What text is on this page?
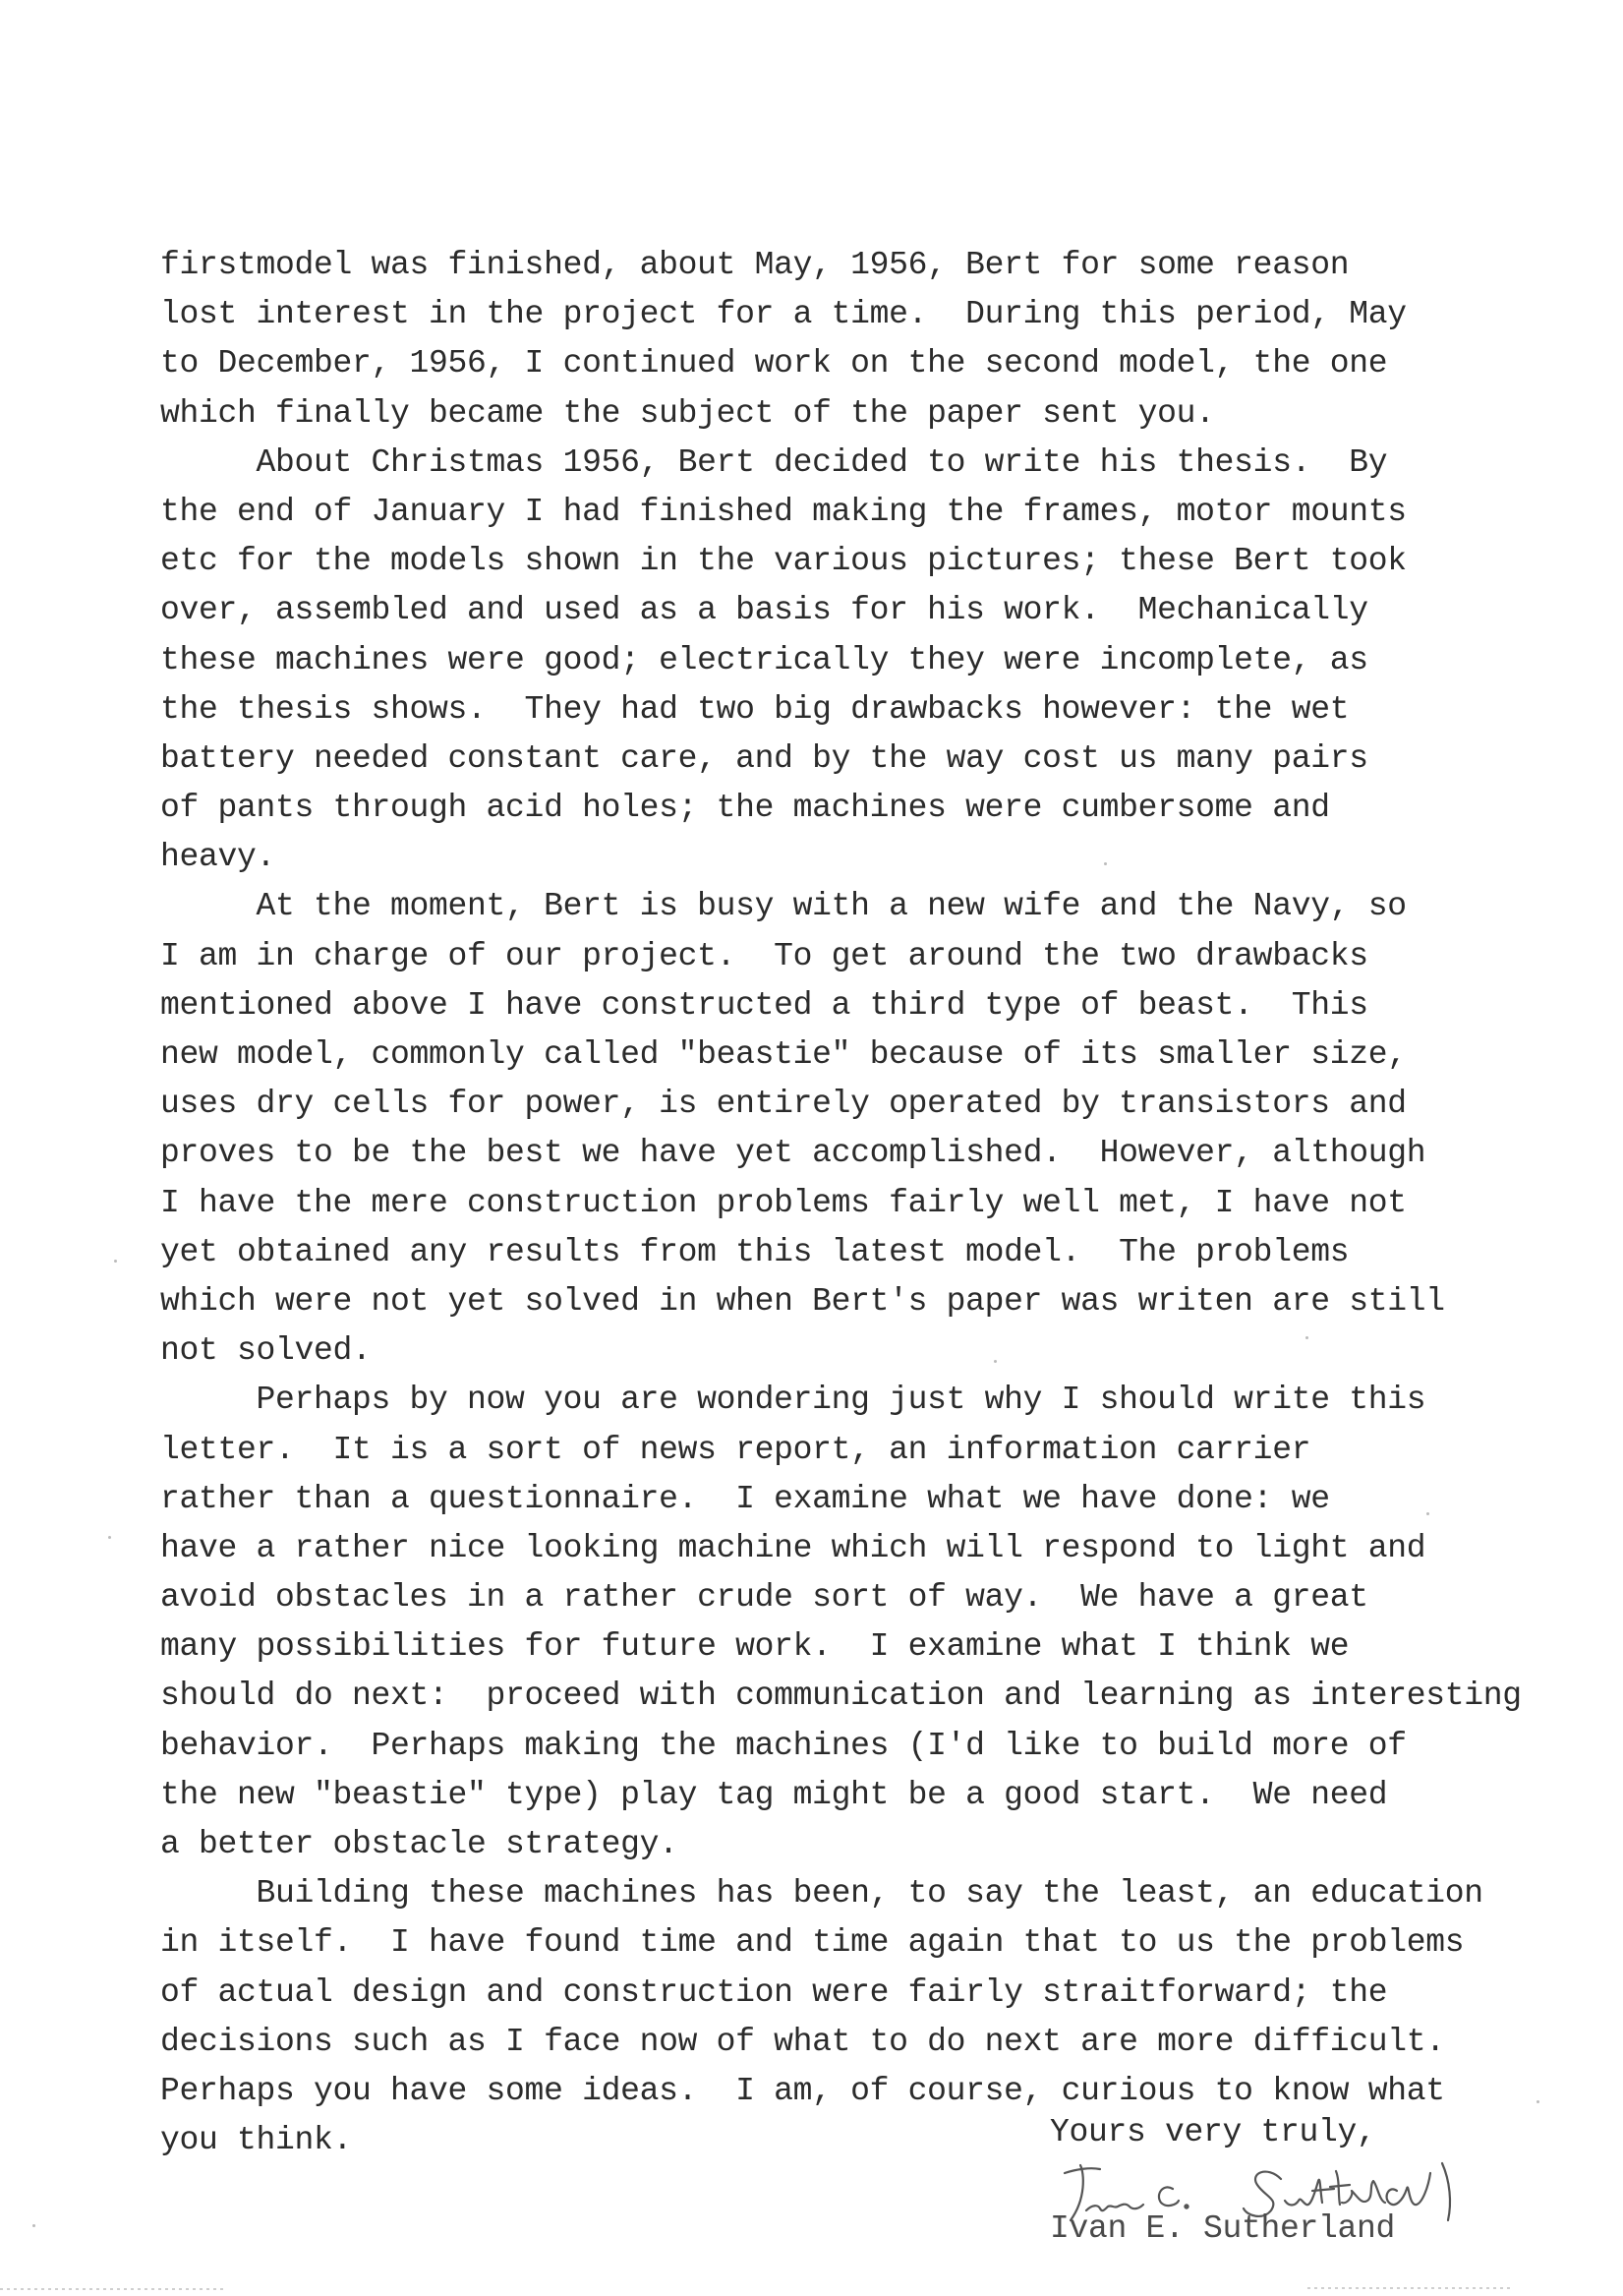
firstmodel was finished, about May, 1956, Bert for some reason
lost interest in the project for a time.  During this period, May
to December, 1956, I continued work on the second model, the one
which finally became the subject of the paper sent you.
About Christmas 1956, Bert decided to write his thesis.  By
the end of January I had finished making the frames, motor mounts
etc for the models shown in the various pictures; these Bert took
over, assembled and used as a basis for his work.  Mechanically
these machines were good; electrically they were incomplete, as
the thesis shows.  They had two big drawbacks however: the wet
battery needed constant care, and by the way cost us many pairs
of pants through acid holes; the machines were cumbersome and
heavy.
At the moment, Bert is busy with a new wife and the Navy, so
I am in charge of our project.  To get around the two drawbacks
mentioned above I have constructed a third type of beast.  This
new model, commonly called "beastie" because of its smaller size,
uses dry cells for power, is entirely operated by transistors and
proves to be the best we have yet accomplished.  However, although
I have the mere construction problems fairly well met, I have not
yet obtained any results from this latest model.  The problems
which were not yet solved in when Bert's paper was writen are still
not solved.
Perhaps by now you are wondering just why I should write this
letter.  It is a sort of news report, an information carrier
rather than a questionnaire.  I examine what we have done: we
have a rather nice looking machine which will respond to light and
avoid obstacles in a rather crude sort of way.  We have a great
many possibilities for future work.  I examine what I think we
should do next:  proceed with communication and learning as interesting
behavior.  Perhaps making the machines (I'd like to build more of
the new "beastie" type) play tag might be a good start.  We need
a better obstacle strategy.
Building these machines has been, to say the least, an education
in itself.  I have found time and time again that to us the problems
of actual design and construction were fairly straitforward; the
decisions such as I face now of what to do next are more difficult.
Perhaps you have some ideas.  I am, of course, curious to know what
you think.	Yours very truly,
Ivan E. Sutherland
